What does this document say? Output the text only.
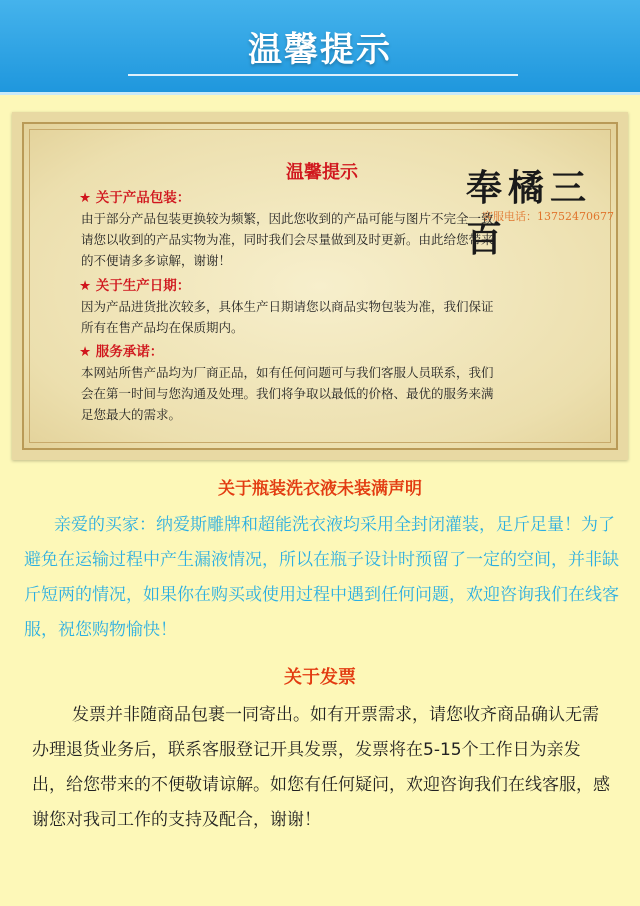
温馨提示
温馨提示	奉橘三百
客服电话：13752470677
★ 关于产品包装：
由于部分产品包装更换较为频繁，因此您收到的产品可能与图片不完全一致，
请您以收到的产品实物为准，同时我们会尽量做到及时更新。由此给您带来
的不便请多多谅解，谢谢！
★ 关于生产日期：
因为产品进货批次较多，具体生产日期请您以商品实物包装为准，我们保证
所有在售产品均在保质期内。
★ 服务承诺：
本网站所售产品均为厂商正品，如有任何问题可与我们客服人员联系，我们
会在第一时间与您沟通及处理。我们将争取以最低的价格、最优的服务来满
足您最大的需求。
关于瓶装洗衣液未装满声明
亲爱的买家：纳爱斯雕牌和超能洗衣液均采用全封闭灌装，足斤足量！为了避免在运输过程中产生漏液情况，所以在瓶子设计时预留了一定的空间，并非缺斤短两的情况，如果你在购买或使用过程中遇到任何问题，欢迎咨询我们在线客服，祝您购物愉快！
关于发票
发票并非随商品包裹一同寄出。如有开票需求，请您收齐商品确认无需办理退货业务后，联系客服登记开具发票，发票将在5-15个工作日为亲发出，给您带来的不便敬请谅解。如您有任何疑问，欢迎咨询我们在线客服，感谢您对我司工作的支持及配合，谢谢！
